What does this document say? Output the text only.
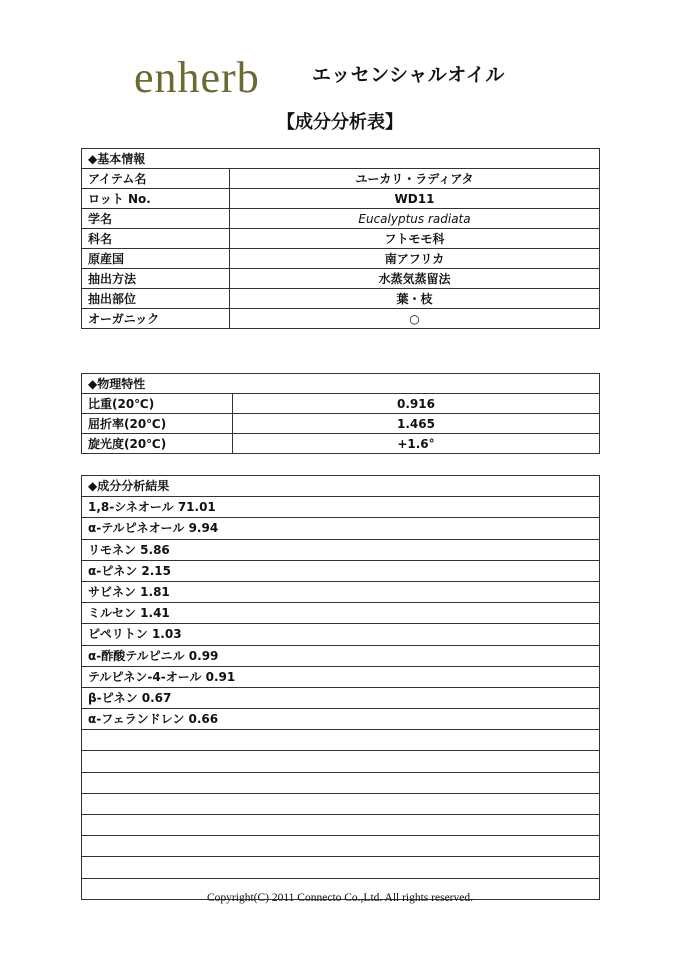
enherb	エッセンシャルオイル
【成分分析表】
◆基本情報	
アイテム名	ユーカリ・ラディアタ
ロット No.	WD11
学名	Eucalyptus radiata
科名	フトモモ科
原産国	南アフリカ
抽出方法	水蒸気蒸留法
抽出部位	葉・枝
オーガニック	○
◆物理特性	
比重(20℃)	0.916
屈折率(20℃)	1.465
旋光度(20℃)	+1.6°
◆成分分析結果
1,8-シネオール 71.01
α-テルピネオール 9.94
リモネン 5.86
α-ピネン 2.15
サビネン 1.81
ミルセン 1.41
ピペリトン 1.03
α-酢酸テルピニル 0.99
テルピネン-4-オール 0.91
β-ピネン 0.67
α-フェランドレン 0.66

Copyright(C) 2011 Connecto Co.,Ltd. All rights reserved.
